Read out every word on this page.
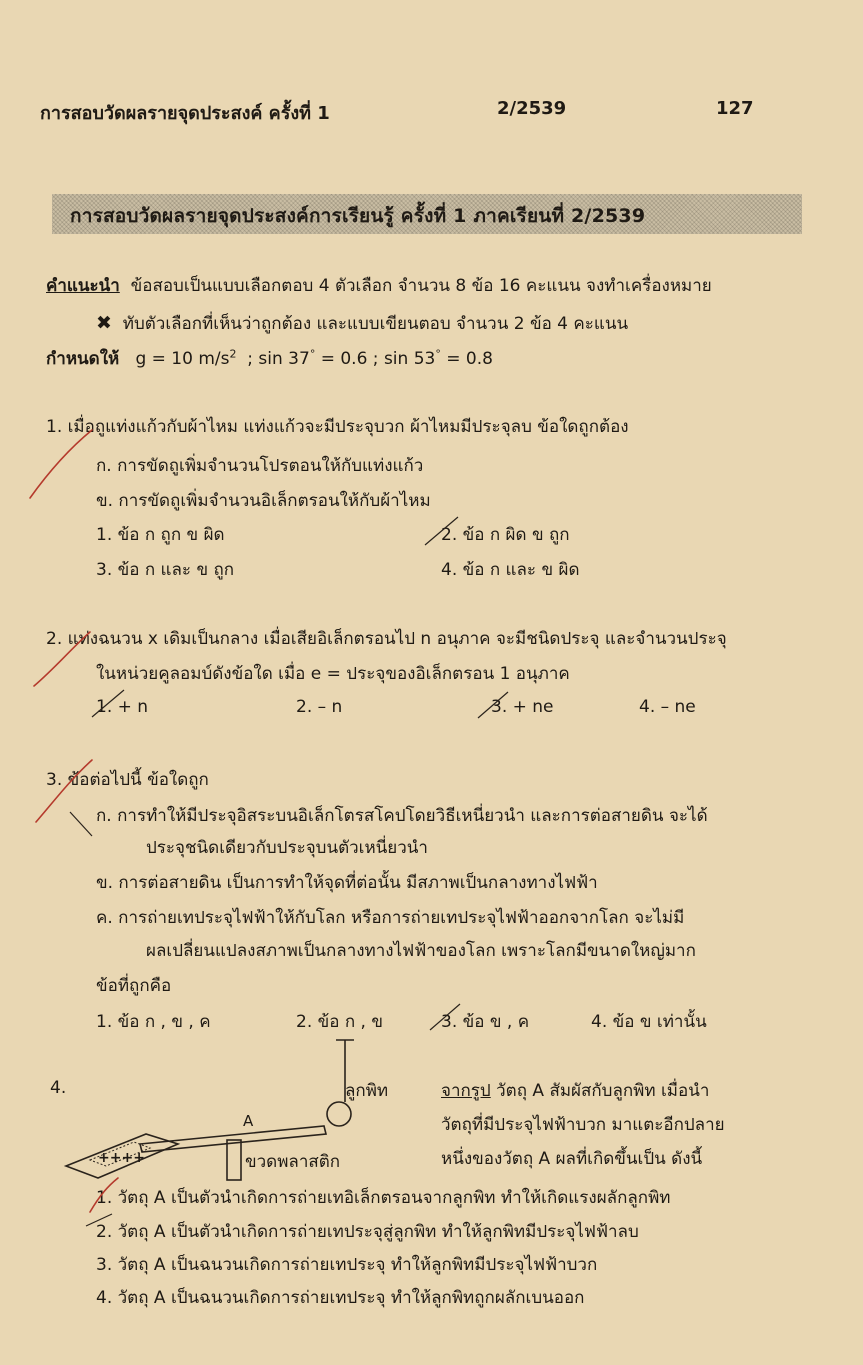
การสอบวัดผลรายจุดประสงค์ ครั้งที่ 1	2/2539	127
การสอบวัดผลรายจุดประสงค์การเรียนรู้ ครั้งที่ 1 ภาคเรียนที่ 2/2539
คำแนะนำ ข้อสอบเป็นแบบเลือกตอบ 4 ตัวเลือก จำนวน 8 ข้อ 16 คะแนน จงทำเครื่องหมาย
✖ ทับตัวเลือกที่เห็นว่าถูกต้อง และแบบเขียนตอบ จำนวน 2 ข้อ 4 คะแนน
กำหนดให้ g = 10 $m/s^2$ ; sin 37° = 0.6 ; sin 53° = 0.8
1. เมื่อถูแท่งแก้วกับผ้าไหม แท่งแก้วจะมีประจุบวก ผ้าไหมมีประจุลบ ข้อใดถูกต้อง
ก. การขัดถูเพิ่มจำนวนโปรตอนให้กับแท่งแก้ว
ข. การขัดถูเพิ่มจำนวนอิเล็กตรอนให้กับผ้าไหม
1. ข้อ ก ถูก ข ผิด	2. ข้อ ก ผิด ข ถูก
3. ข้อ ก และ ข ถูก	4. ข้อ ก และ ข ผิด
2. แท่งฉนวน x เดิมเป็นกลาง เมื่อเสียอิเล็กตรอนไป n อนุภาค จะมีชนิดประจุ และจำนวนประจุ
ในหน่วยคูลอมบ์ดังข้อใด เมื่อ e = ประจุของอิเล็กตรอน 1 อนุภาค
1. + n	2. – n	3. + ne	4. – ne
3. ข้อต่อไปนี้ ข้อใดถูก
ก. การทำให้มีประจุอิสระบนอิเล็กโตรสโคปโดยวิธีเหนี่ยวนำ และการต่อสายดิน จะได้
ประจุชนิดเดียวกับประจุบนตัวเหนี่ยวนำ
ข. การต่อสายดิน เป็นการทำให้จุดที่ต่อนั้น มีสภาพเป็นกลางทางไฟฟ้า
ค. การถ่ายเทประจุไฟฟ้าให้กับโลก หรือการถ่ายเทประจุไฟฟ้าออกจากโลก จะไม่มี
ผลเปลี่ยนแปลงสภาพเป็นกลางทางไฟฟ้าของโลก เพราะโลกมีขนาดใหญ่มาก
ข้อที่ถูกคือ
1. ข้อ ก , ข , ค	2. ข้อ ก , ข	3. ข้อ ข , ค	4. ข้อ ข เท่านั้น
4.
A
++++
ลูกพิท
ขวดพลาสติก
จากรูป วัตถุ A สัมผัสกับลูกพิท เมื่อนำ
วัตถุที่มีประจุไฟฟ้าบวก มาแตะอีกปลาย
หนึ่งของวัตถุ A ผลที่เกิดขึ้นเป็น ดังนี้
1. วัตถุ A เป็นตัวนำเกิดการถ่ายเทอิเล็กตรอนจากลูกพิท ทำให้เกิดแรงผลักลูกพิท
2. วัตถุ A เป็นตัวนำเกิดการถ่ายเทประจุสู่ลูกพิท ทำให้ลูกพิทมีประจุไฟฟ้าลบ
3. วัตถุ A เป็นฉนวนเกิดการถ่ายเทประจุ ทำให้ลูกพิทมีประจุไฟฟ้าบวก
4. วัตถุ A เป็นฉนวนเกิดการถ่ายเทประจุ ทำให้ลูกพิทถูกผลักเบนออก
